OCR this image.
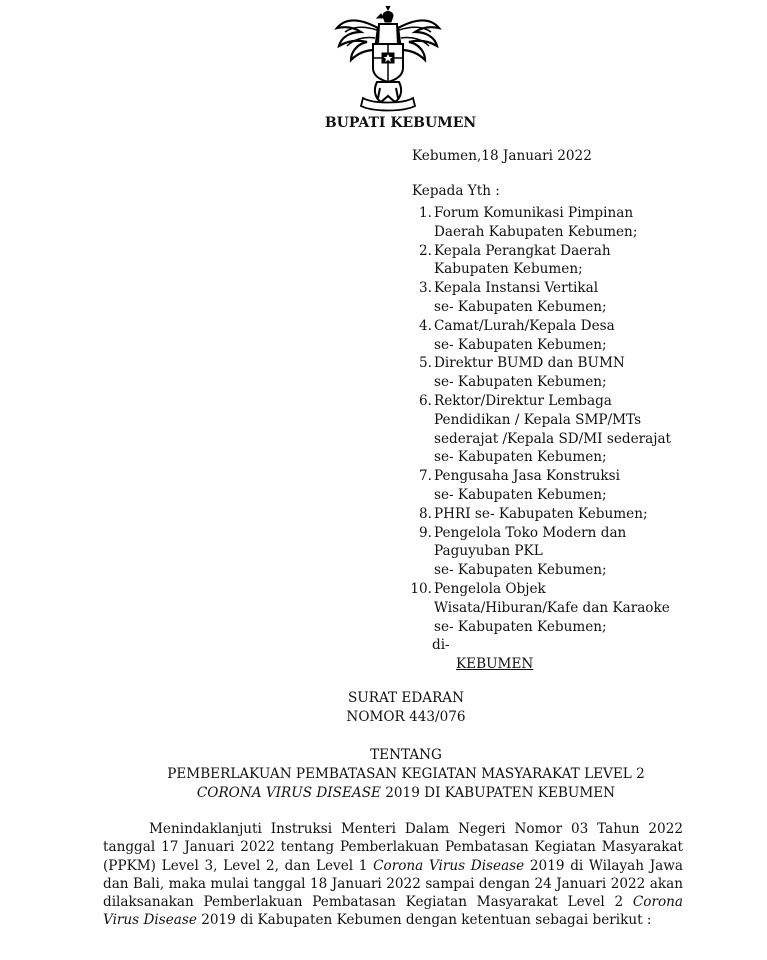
BUPATI KEBUMEN
Kebumen,18 Januari 2022
Kepada Yth :
1. Forum Komunikasi Pimpinan
Daerah Kabupaten Kebumen;
2. Kepala Perangkat Daerah
Kabupaten Kebumen;
3. Kepala Instansi Vertikal
se- Kabupaten Kebumen;
4. Camat/Lurah/Kepala Desa
se- Kabupaten Kebumen;
5. Direktur BUMD dan BUMN
se- Kabupaten Kebumen;
6. Rektor/Direktur Lembaga
Pendidikan / Kepala SMP/MTs
sederajat /Kepala SD/MI sederajat
se- Kabupaten Kebumen;
7. Pengusaha Jasa Konstruksi
se- Kabupaten Kebumen;
8. PHRI se- Kabupaten Kebumen;
9. Pengelola Toko Modern dan
Paguyuban PKL
se- Kabupaten Kebumen;
10. Pengelola Objek
Wisata/Hiburan/Kafe dan Karaoke
se- Kabupaten Kebumen;
di-
KEBUMEN
SURAT EDARAN
NOMOR 443/076
TENTANG
PEMBERLAKUAN PEMBATASAN KEGIATAN MASYARAKAT LEVEL 2
CORONA VIRUS DISEASE 2019 DI KABUPATEN KEBUMEN
Menindaklanjuti Instruksi Menteri Dalam Negeri Nomor 03 Tahun 2022 tanggal 17 Januari 2022 tentang Pemberlakuan Pembatasan Kegiatan Masyarakat (PPKM) Level 3, Level 2, dan Level 1 Corona Virus Disease 2019 di Wilayah Jawa dan Bali, maka mulai tanggal 18 Januari 2022 sampai dengan 24 Januari 2022 akan dilaksanakan Pemberlakuan Pembatasan Kegiatan Masyarakat Level 2 Corona Virus Disease 2019 di Kabupaten Kebumen dengan ketentuan sebagai berikut :
